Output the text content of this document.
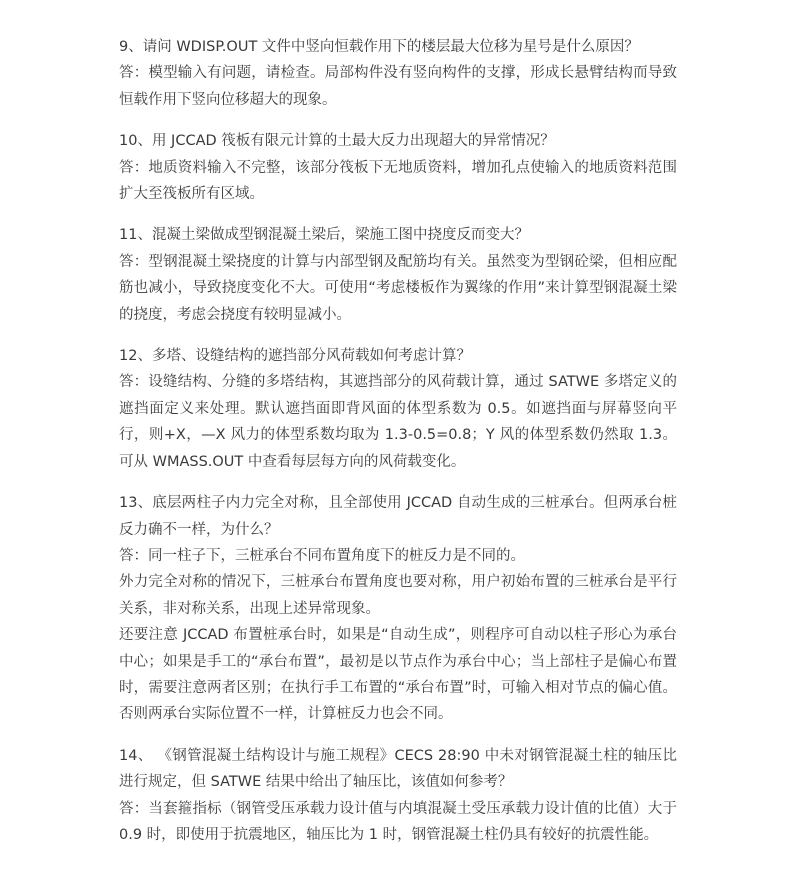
9、请问 WDISP.OUT 文件中竖向恒载作用下的楼层最大位移为星号是什么原因？

答：模型输入有问题，请检查。局部构件没有竖向构件的支撑，形成长悬臂结构而导致恒载作用下竖向位移超大的现象。

10、用 JCCAD 筏板有限元计算的土最大反力出现超大的异常情况？

答：地质资料输入不完整，该部分筏板下无地质资料，增加孔点使输入的地质资料范围扩大至筏板所有区域。

11、混凝土梁做成型钢混凝土梁后，梁施工图中挠度反而变大？

答：型钢混凝土梁挠度的计算与内部型钢及配筋均有关。虽然变为型钢砼梁，但相应配筋也减小，导致挠度变化不大。可使用“考虑楼板作为翼缘的作用”来计算型钢混凝土梁的挠度，考虑会挠度有较明显减小。

12、多塔、设缝结构的遮挡部分风荷载如何考虑计算？

答：设缝结构、分缝的多塔结构，其遮挡部分的风荷载计算，通过 SATWE 多塔定义的遮挡面定义来处理。默认遮挡面即背风面的体型系数为 0.5。如遮挡面与屏幕竖向平行，则+X，—X 风力的体型系数均取为 1.3-0.5=0.8；Y 风的体型系数仍然取 1.3。可从 WMASS.OUT 中查看每层每方向的风荷载变化。

13、底层两柱子内力完全对称，且全部使用 JCCAD 自动生成的三桩承台。但两承台桩反力确不一样，为什么？

答：同一柱子下，三桩承台不同布置角度下的桩反力是不同的。

外力完全对称的情况下，三桩承台布置角度也要对称，用户初始布置的三桩承台是平行关系，非对称关系，出现上述异常现象。

还要注意 JCCAD 布置桩承台时，如果是“自动生成”，则程序可自动以柱子形心为承台中心；如果是手工的“承台布置”，最初是以节点作为承台中心；当上部柱子是偏心布置时，需要注意两者区别；在执行手工布置的“承台布置”时，可输入相对节点的偏心值。否则两承台实际位置不一样，计算桩反力也会不同。

14、 《钢管混凝土结构设计与施工规程》CECS 28:90 中未对钢管混凝土柱的轴压比进行规定，但 SATWE 结果中给出了轴压比，该值如何参考？

答：当套箍指标（钢管受压承载力设计值与内填混凝土受压承载力设计值的比值）大于 0.9 时，即使用于抗震地区，轴压比为 1 时，钢管混凝土柱仍具有较好的抗震性能。
